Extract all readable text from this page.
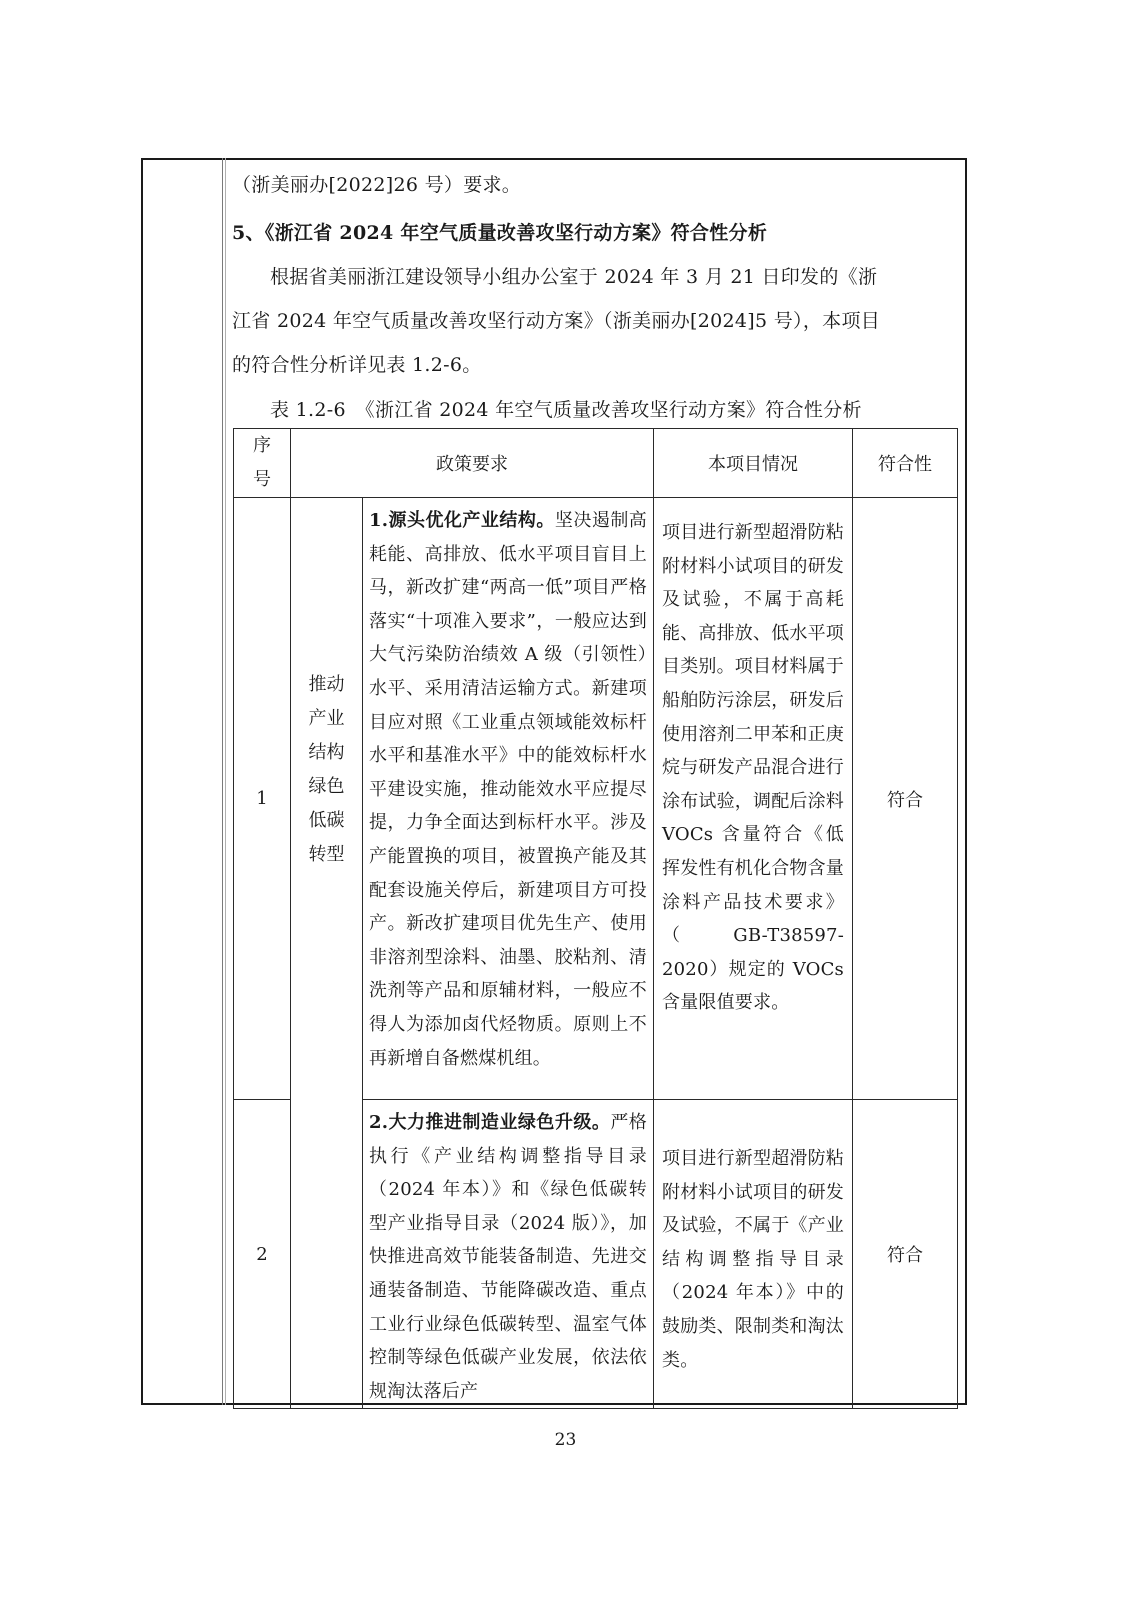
（浙美丽办[2022]26 号）要求。
5、《浙江省 2024 年空气质量改善攻坚行动方案》符合性分析
根据省美丽浙江建设领导小组办公室于 2024 年 3 月 21 日印发的《浙
江省 2024 年空气质量改善攻坚行动方案》（浙美丽办[2024]5 号），本项目
的符合性分析详见表 1.2-6。
表 1.2-6　《浙江省 2024 年空气质量改善攻坚行动方案》符合性分析
序
号	政策要求		本项目情况	符合性
1	推动产业结构绿色低碳转型	1.源头优化产业结构。坚决遏制高耗能、高排放、低水平项目盲目上马，新改扩建“两高一低”项目严格落实“十项准入要求”，一般应达到大气污染防治绩效 A 级（引领性）水平、采用清洁运输方式。新建项目应对照《工业重点领域能效标杆水平和基准水平》中的能效标杆水平建设实施，推动能效水平应提尽提，力争全面达到标杆水平。涉及产能置换的项目，被置换产能及其配套设施关停后，新建项目方可投产。新改扩建项目优先生产、使用非溶剂型涂料、油墨、胶粘剂、清洗剂等产品和原辅材料，一般应不得人为添加卤代烃物质。原则上不再新增自备燃煤机组。	项目进行新型超滑防粘附材料小试项目的研发及试验，不属于高耗能、高排放、低水平项目类别。项目材料属于船舶防污涂层，研发后使用溶剂二甲苯和正庚烷与研发产品混合进行涂布试验，调配后涂料 VOCs 含量符合《低挥发性有机化合物含量涂料产品技术要求》（GB-T38597-2020）规定的 VOCs 含量限值要求。	符合
2		2.大力推进制造业绿色升级。严格执行《产业结构调整指导目录（2024 年本）》和《绿色低碳转型产业指导目录（2024 版）》，加快推进高效节能装备制造、先进交通装备制造、节能降碳改造、重点工业行业绿色低碳转型、温室气体控制等绿色低碳产业发展，依法依规淘汰落后产	项目进行新型超滑防粘附材料小试项目的研发及试验，不属于《产业结构调整指导目录（2024 年本）》中的鼓励类、限制类和淘汰类。	符合
23
